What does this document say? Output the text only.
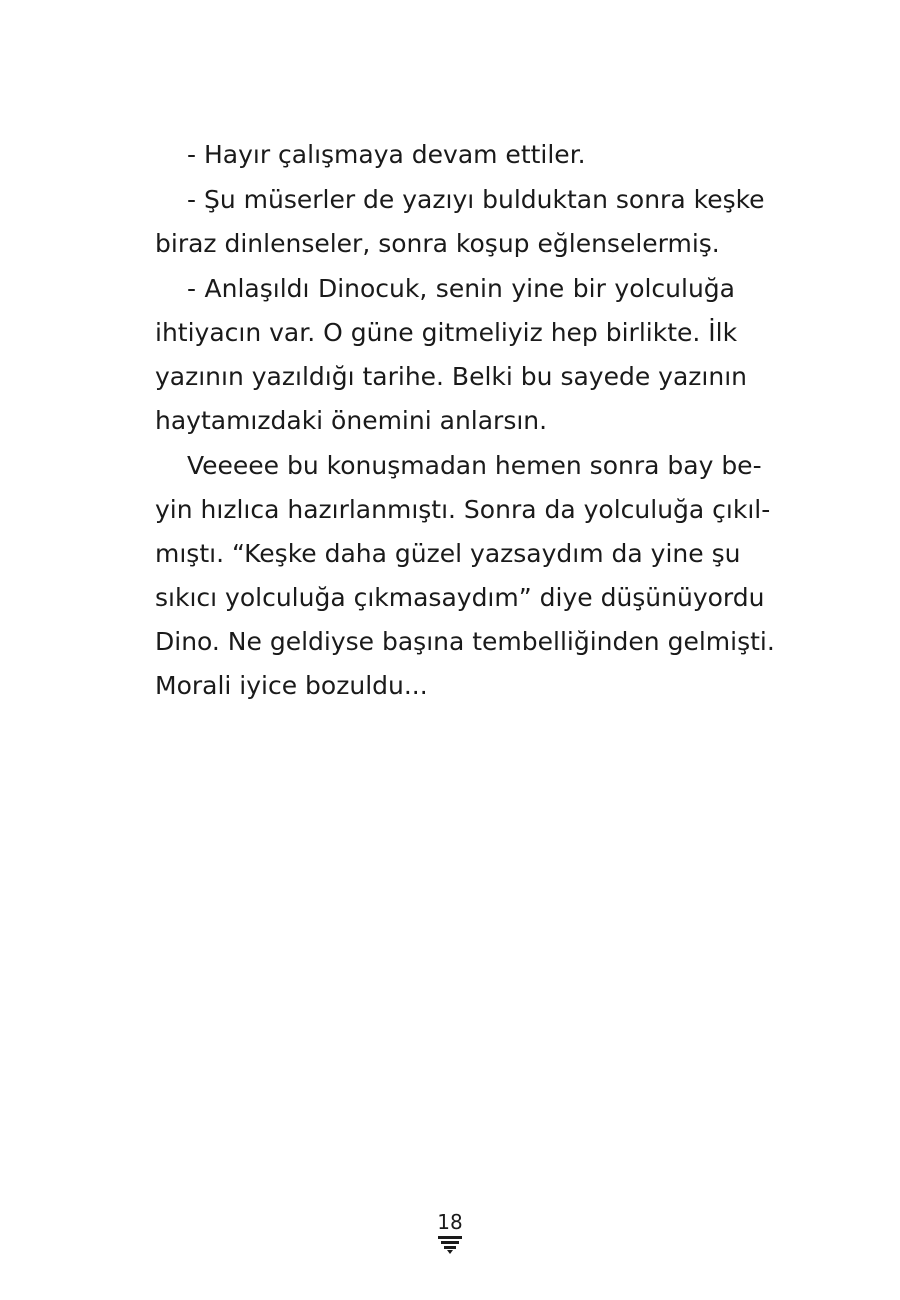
- Hayır çalışmaya devam ettiler.
- Şu müserler de yazıyı bulduktan sonra keşke
biraz dinlenseler, sonra koşup eğlenselermiş.
- Anlaşıldı Dinocuk, senin yine bir yolculuğa
ihtiyacın var. O güne gitmeliyiz hep birlikte. İlk
yazının yazıldığı tarihe. Belki bu sayede yazının
haytamızdaki önemini anlarsın.
Veeeee bu konuşmadan hemen sonra bay be-
yin hızlıca hazırlanmıştı. Sonra da yolculuğa çıkıl-
mıştı. “Keşke daha güzel yazsaydım da yine şu
sıkıcı yolculuğa çıkmasaydım” diye düşünüyordu
Dino. Ne geldiyse başına tembelliğinden gelmişti.
Morali iyice bozuldu...
18
